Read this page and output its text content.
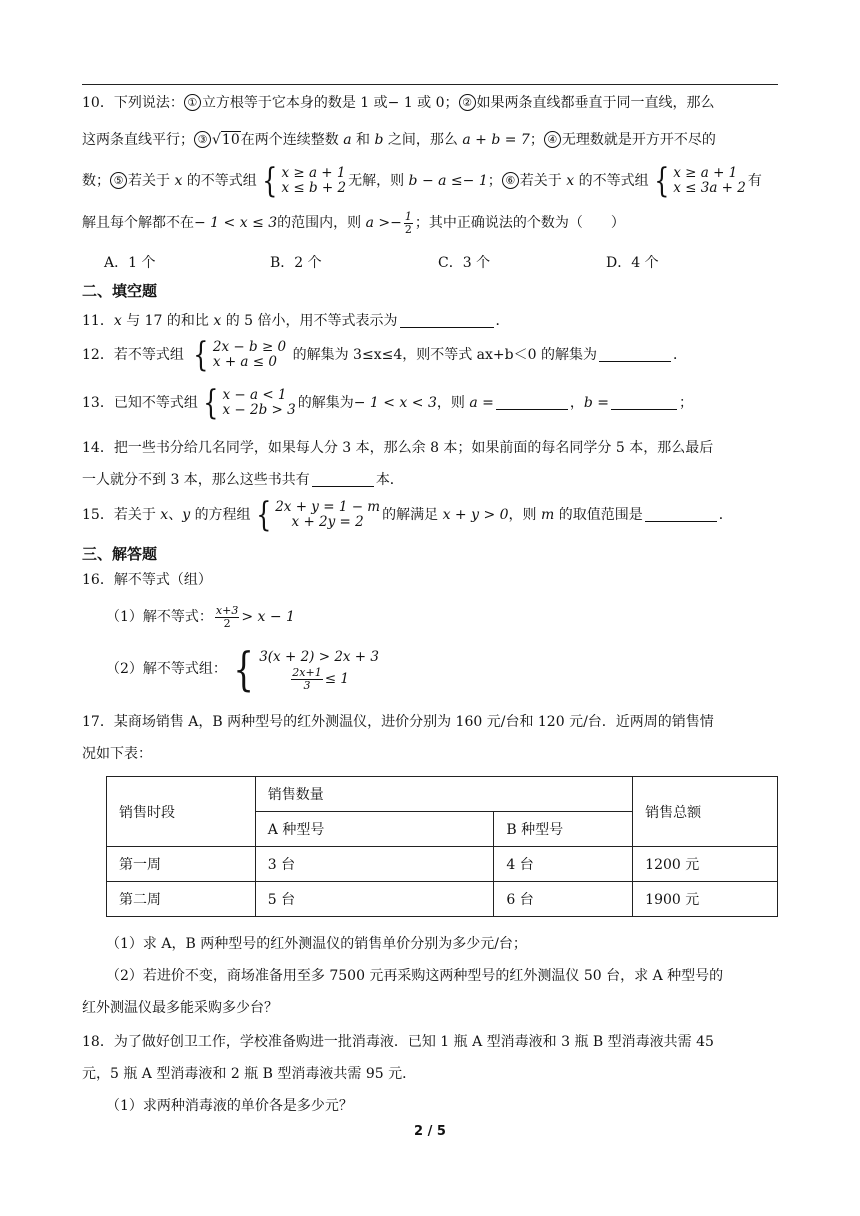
10．下列说法： ① 立方根等于它本身的数是 1 或− 1 或 0； ② 如果两条直线都垂直于同一直线，那么
这两条直线平行； ③ √10在两个连续整数 a 和 b 之间，那么 a + b = 7； ④ 无理数就是开方开不尽的
数； ⑤ 若关于 x 的不等式组 { x ≥ a + 1
x ≤ b + 2 无解，则 b − a ≤− 1； ⑥ 若关于 x 的不等式组 { x ≥ a + 1
x ≤ 3a + 2 有
解且每个解都不在− 1 < x ≤ 3的范围内，则 $a >- \frac{1}{2}$ ；其中正确说法的个数为（　　）
A．1 个	B．2 个	C．3 个	D．4 个
二、填空题
11．x 与 17 的和比 x 的 5 倍小，用不等式表示为	．
12．若不等式组 { 2x − b ≥ 0
x + a ≤ 0	的解集为 3≤x≤4，则不等式 ax+b＜0 的解集为	．
13．已知不等式组 { x − a < 1
x − 2b > 3 的解集为− 1 < x < 3，则 a =	，b =	；
14．把一些书分给几名同学，如果每人分 3 本，那么余 8 本；如果前面的每名同学分 5 本，那么最后
一人就分不到 3 本，那么这些书共有	本．
15．若关于 x、y 的方程组 { 2x + y = 1 − m
x + 2y = 2 的解满足 x + y > 0，则 m 的取值范围是	．
三、解答题
16．解不等式（组）
（1）解不等式： $\frac{x+3}{2} > x - 1$
（2）解不等式组： { 3(x + 2) > 2x + 3
$\frac{2x+1}{3} \le 1$
17．某商场销售 A，B 两种型号的红外测温仪，进价分别为 160 元/台和 120 元/台．近两周的销售情
况如下表：
销售时段	销售数量		销售总额
	A 种型号	B 种型号	
第一周	3 台	4 台	1200 元
第二周	5 台	6 台	1900 元
（1）求 A，B 两种型号的红外测温仪的销售单价分别为多少元/台；
（2）若进价不变，商场准备用至多 7500 元再采购这两种型号的红外测温仪 50 台，求 A 种型号的
红外测温仪最多能采购多少台？
18．为了做好创卫工作，学校准备购进一批消毒液．已知 1 瓶 A 型消毒液和 3 瓶 B 型消毒液共需 45
元，5 瓶 A 型消毒液和 2 瓶 B 型消毒液共需 95 元．
（1）求两种消毒液的单价各是多少元？
2 / 5
